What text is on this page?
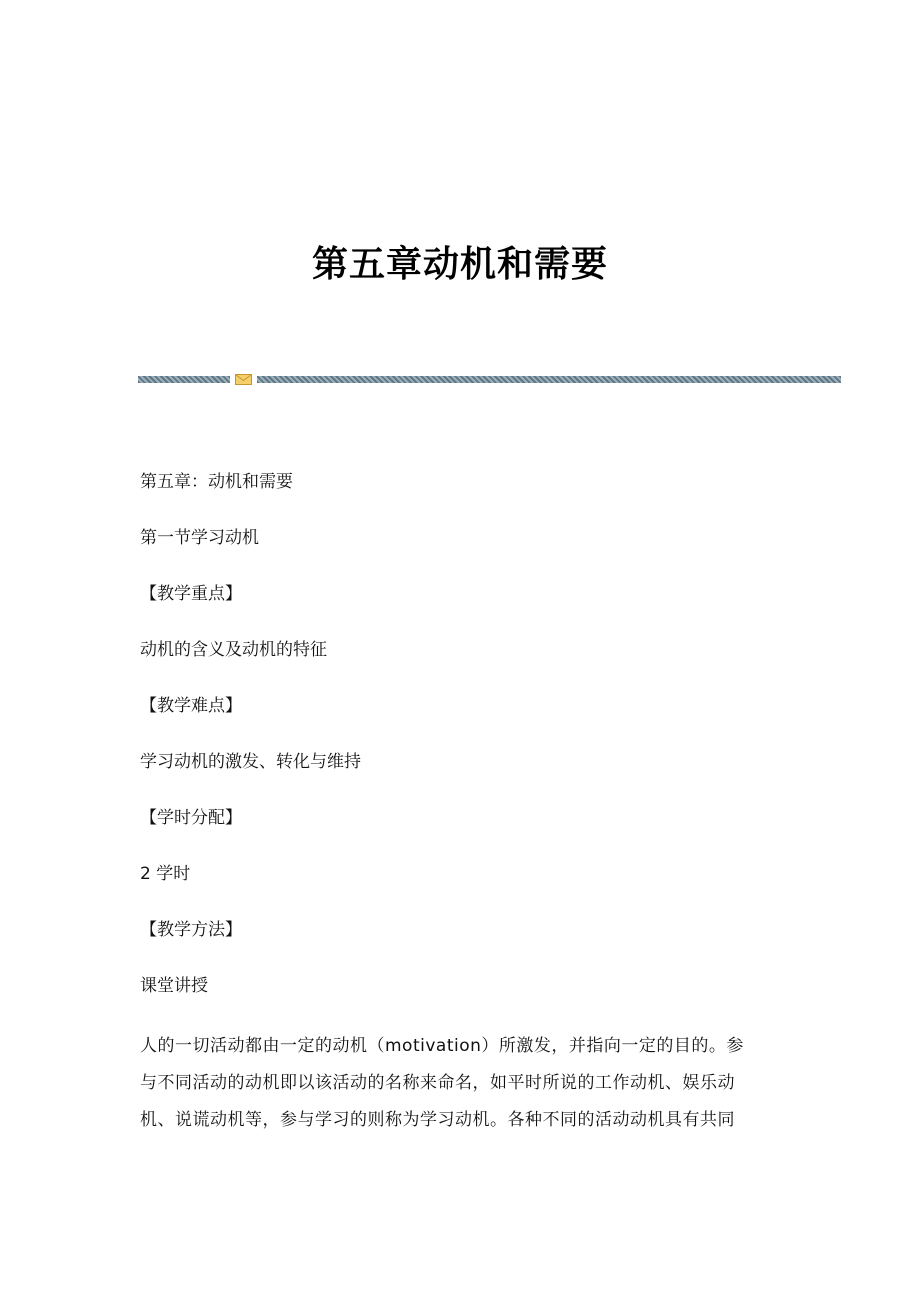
第五章动机和需要

第五章：动机和需要

第一节学习动机

【教学重点】

动机的含义及动机的特征

【教学难点】

学习动机的激发、转化与维持

【学时分配】

2 学时

【教学方法】

课堂讲授

人的一切活动都由一定的动机（motivation）所激发，并指向一定的目的。参
与不同活动的动机即以该活动的名称来命名，如平时所说的工作动机、娱乐动
机、说谎动机等，参与学习的则称为学习动机。各种不同的活动动机具有共同
